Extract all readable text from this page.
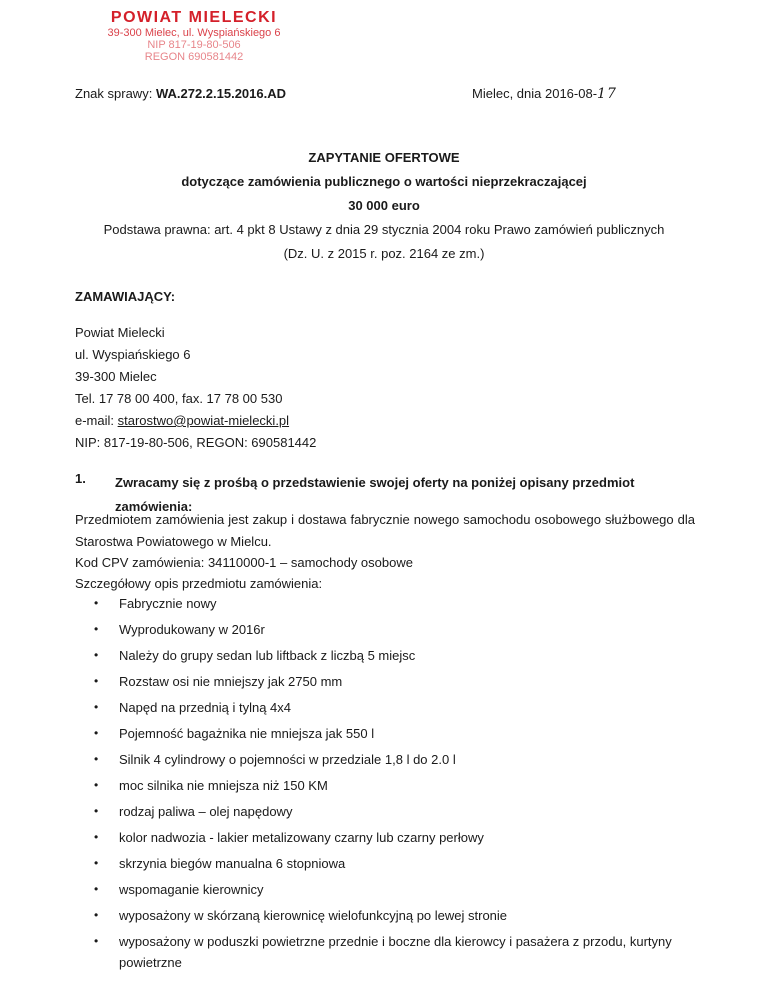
POWIAT MIELECKI
39-300 Mielec, ul. Wyspiańskiego 6
NIP 817-19-80-506
REGON 690581442
Znak sprawy: WA.272.2.15.2016.AD	Mielec, dnia 2016-08-17
ZAPYTANIE OFERTOWE
dotyczące zamówienia publicznego o wartości nieprzekraczającej
30 000 euro
Podstawa prawna: art. 4 pkt 8 Ustawy z dnia 29 stycznia 2004 roku Prawo zamówień publicznych
(Dz. U. z 2015 r. poz. 2164 ze zm.)
ZAMAWIAJĄCY:
Powiat Mielecki
ul. Wyspiańskiego 6
39-300 Mielec
Tel. 17 78 00 400, fax. 17 78 00 530
e-mail: starostwo@powiat-mielecki.pl
NIP: 817-19-80-506, REGON: 690581442
1. Zwracamy się z prośbą o przedstawienie swojej oferty na poniżej opisany przedmiot zamówienia:
Przedmiotem zamówienia jest zakup i dostawa fabrycznie nowego samochodu osobowego służbowego dla Starostwa Powiatowego w Mielcu.
Kod CPV zamówienia: 34110000-1 – samochody osobowe
Szczegółowy opis przedmiotu zamówienia:
• Fabrycznie nowy
• Wyprodukowany w 2016r
• Należy do grupy sedan lub liftback z liczbą 5 miejsc
• Rozstaw osi nie mniejszy jak 2750 mm
• Napęd na przednią i tylną 4x4
• Pojemność bagażnika nie mniejsza jak 550 l
• Silnik 4 cylindrowy o pojemności w przedziale 1,8 l do 2.0 l
• moc silnika nie mniejsza niż 150 KM
• rodzaj paliwa – olej napędowy
• kolor nadwozia - lakier metalizowany czarny lub czarny perłowy
• skrzynia biegów manualna 6 stopniowa
• wspomaganie kierownicy
• wyposażony w skórzaną kierownicę wielofunkcyjną po lewej stronie
• wyposażony w poduszki powietrzne przednie i boczne dla kierowcy i pasażera z przodu, kurtyny powietrzne
